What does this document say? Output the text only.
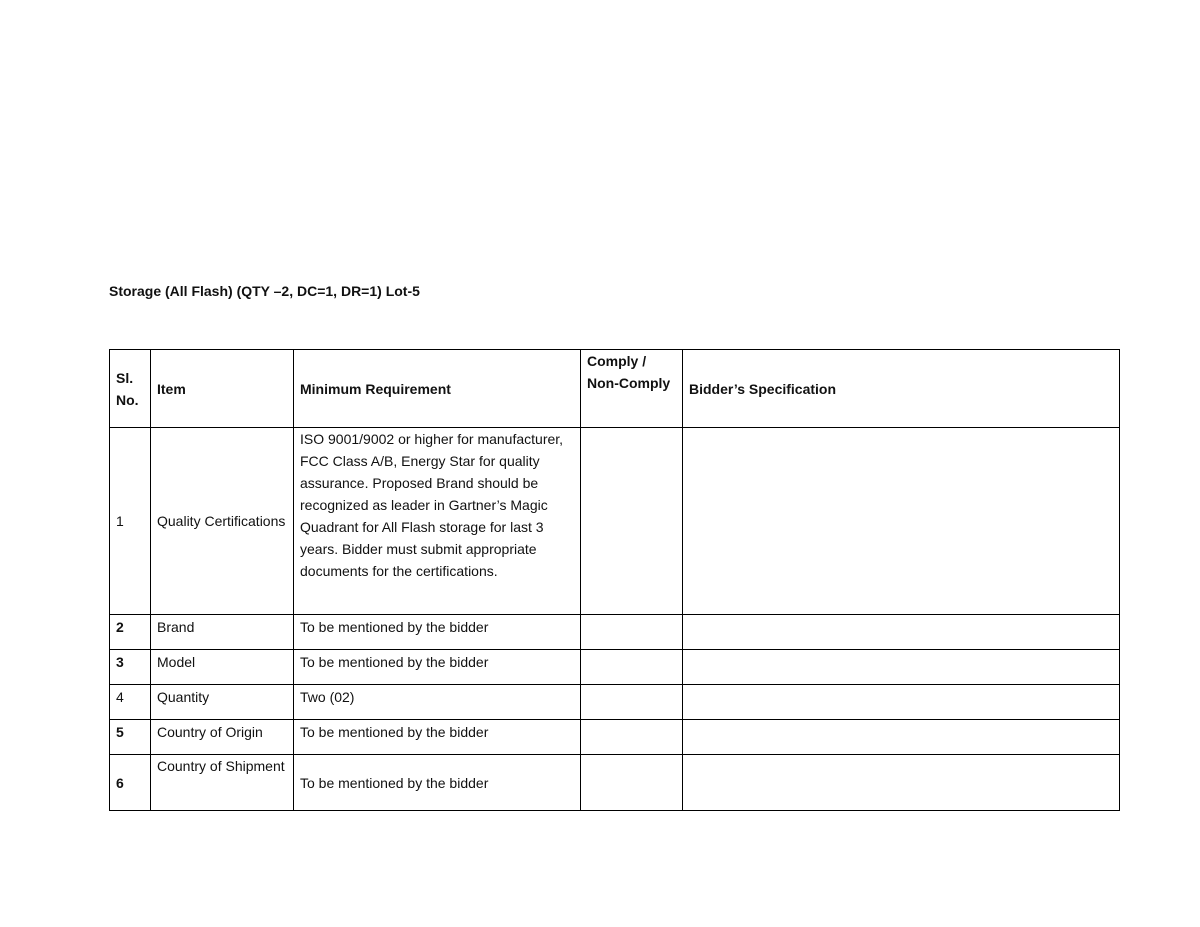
Storage (All Flash) (QTY –2, DC=1, DR=1) Lot-5
Sl. No.	Item	Minimum Requirement	Comply / Non-Comply	Bidder’s Specification
1	Quality Certifications	ISO 9001/9002 or higher for manufacturer, FCC Class A/B, Energy Star for quality assurance. Proposed Brand should be recognized as leader in Gartner’s Magic Quadrant for All Flash storage for last 3 years. Bidder must submit appropriate documents for the certifications.		
2	Brand	To be mentioned by the bidder		
3	Model	To be mentioned by the bidder		
4	Quantity	Two (02)		
5	Country of Origin	To be mentioned by the bidder		
6	Country of Shipment	To be mentioned by the bidder		
